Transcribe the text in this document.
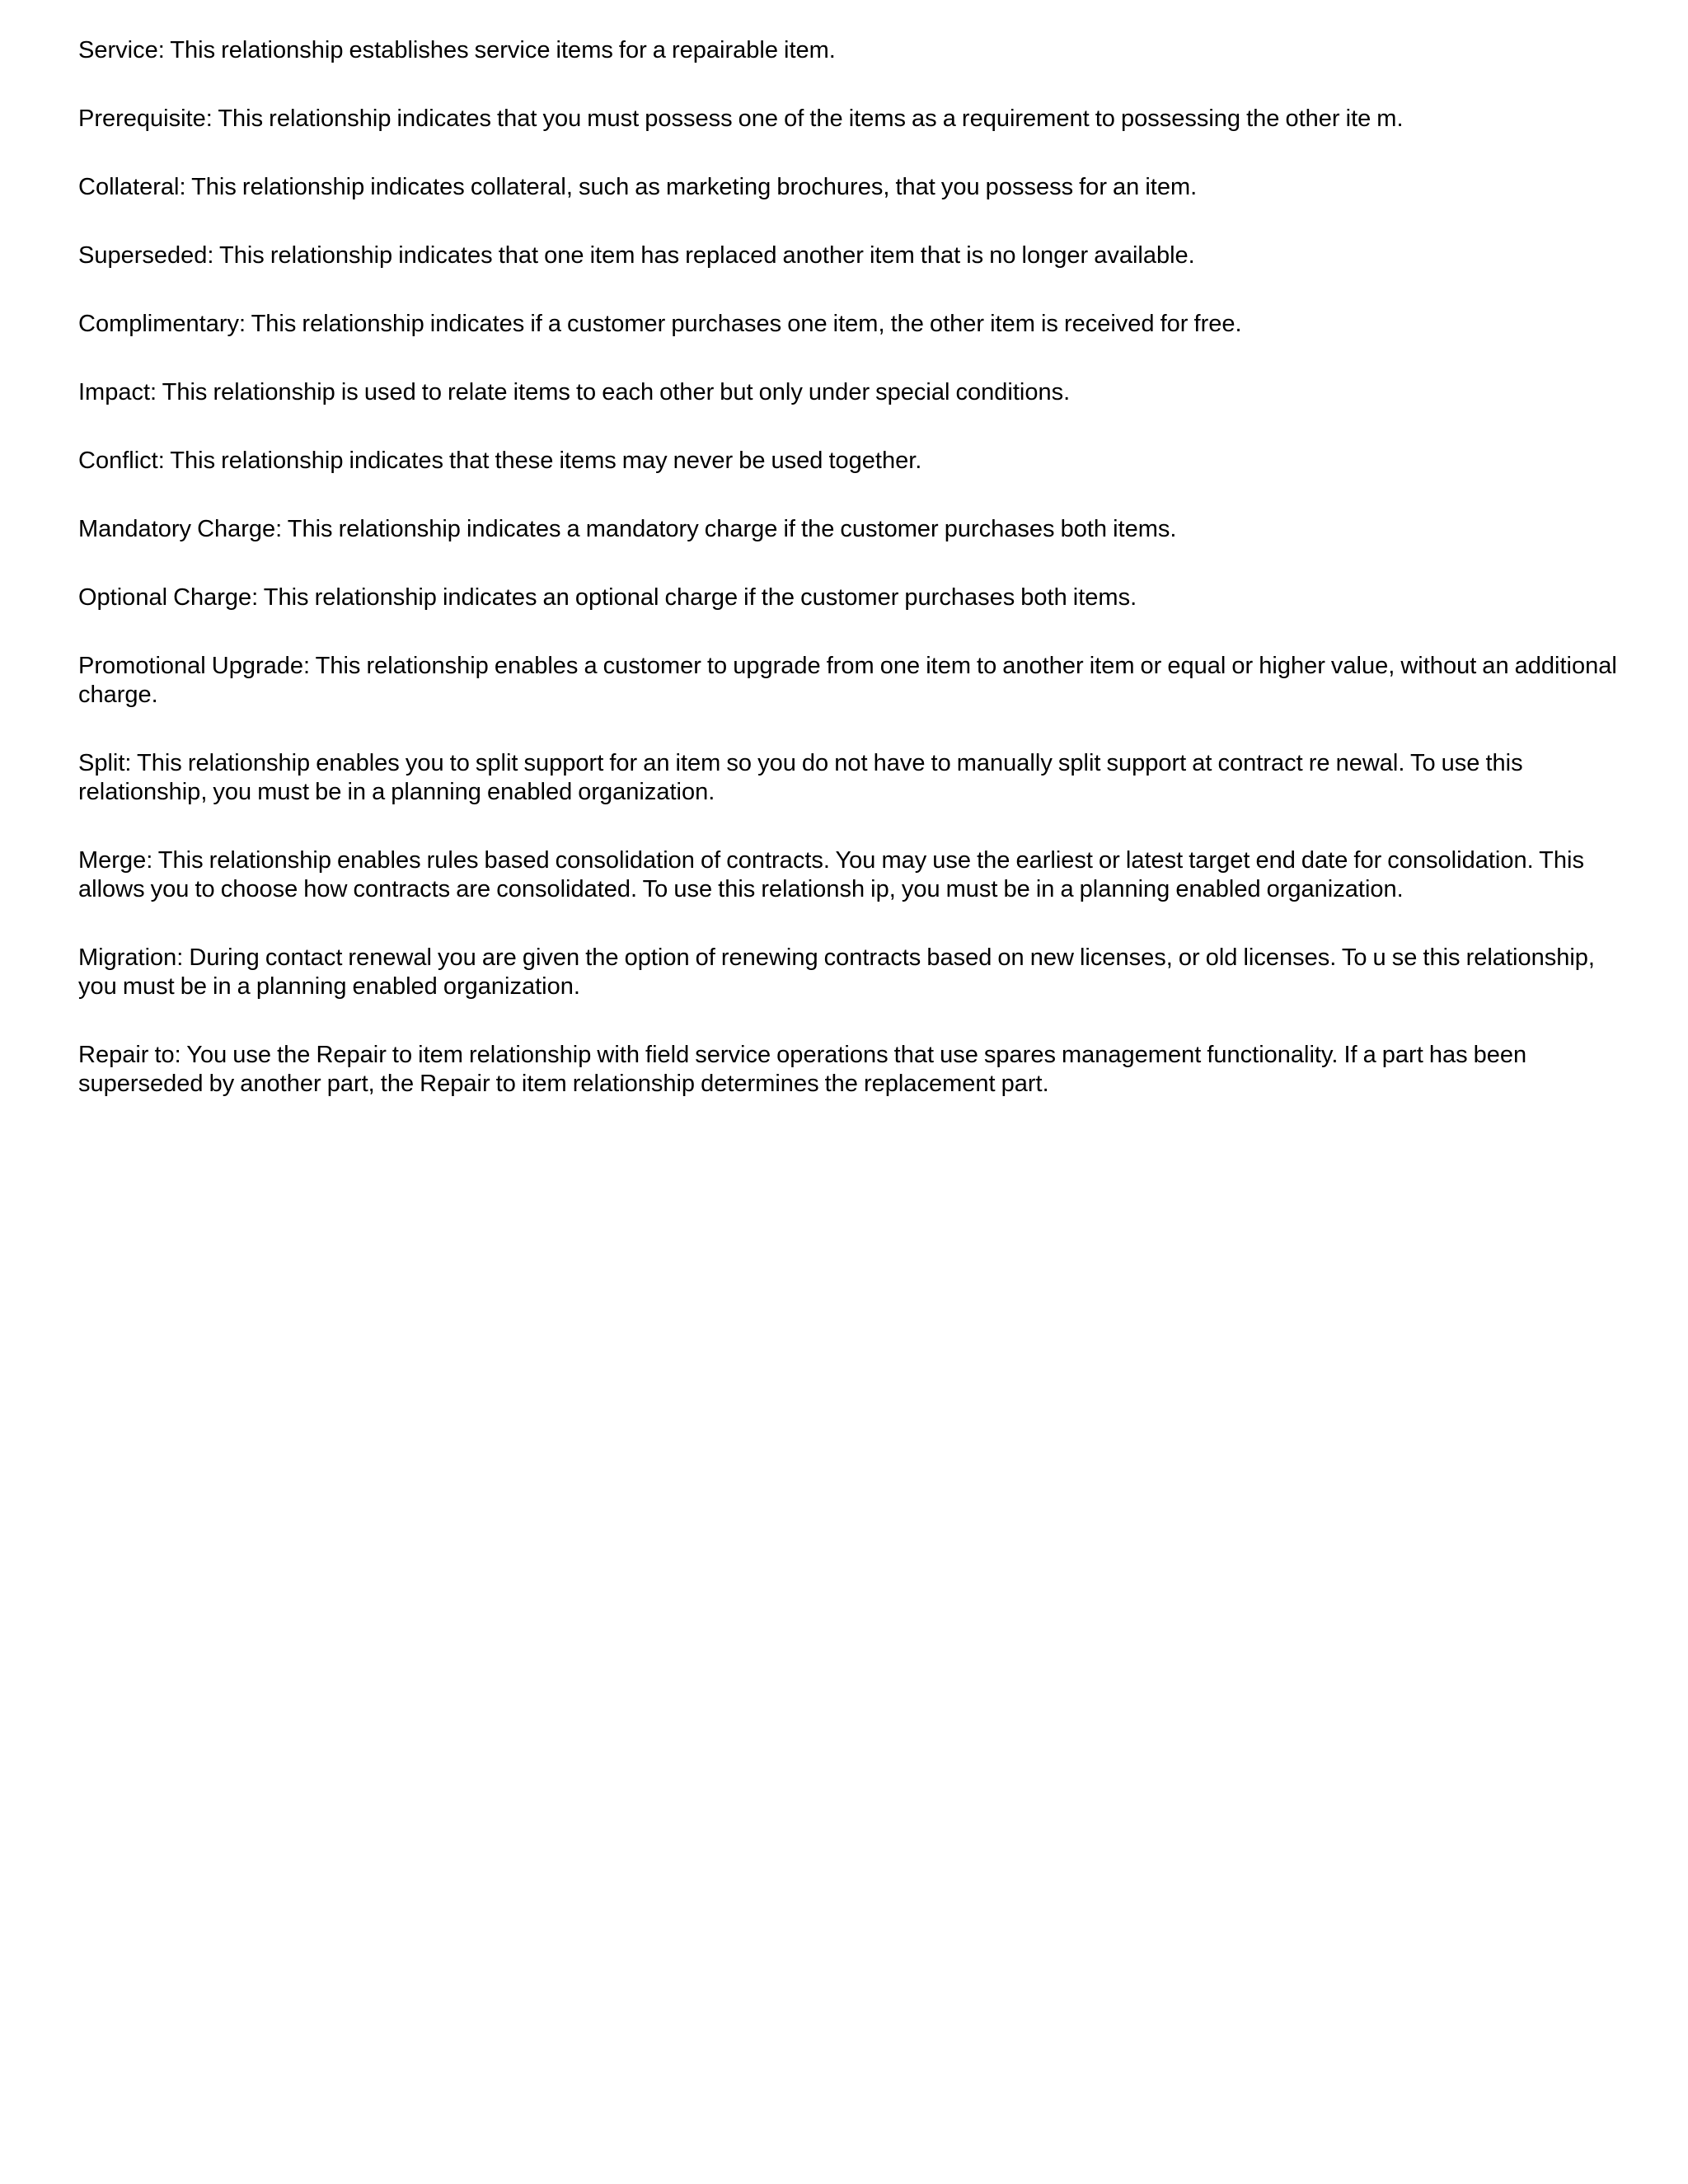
Service: This relationship establishes service items for a repairable item.

Prerequisite: This relationship indicates that you must possess one of the items as a requirement to possessing the other ite m.

Collateral: This relationship indicates collateral, such as marketing brochures, that you possess for an item.

Superseded: This relationship indicates that one item has replaced another item that is no longer available.

Complimentary: This relationship indicates if a customer purchases one item, the other item is received for free.

Impact: This relationship is used to relate items to each other but only under special conditions.

Conflict: This relationship indicates that these items may never be used together.

Mandatory Charge: This relationship indicates a mandatory charge if the customer purchases both items.

Optional Charge: This relationship indicates an optional charge if the customer purchases both items.

Promotional Upgrade: This relationship enables a customer to upgrade from one item to another item or equal or higher value, without an additional charge.

Split: This relationship enables you to split support for an item so you do not have to manually split support at contract re newal. To use this relationship, you must be in a planning enabled organization.

Merge: This relationship enables rules based consolidation of contracts. You may use the earliest or latest target end date for consolidation. This allows you to choose how contracts are consolidated. To use this relationsh ip, you must be in a planning enabled organization.

Migration: During contact renewal you are given the option of renewing contracts based on new licenses, or old licenses. To u se this relationship, you must be in a planning enabled organization.

Repair to: You use the Repair to item relationship with field service operations that use spares management functionality. If a part has been superseded by another part, the Repair to item relationship determines the replacement part.
